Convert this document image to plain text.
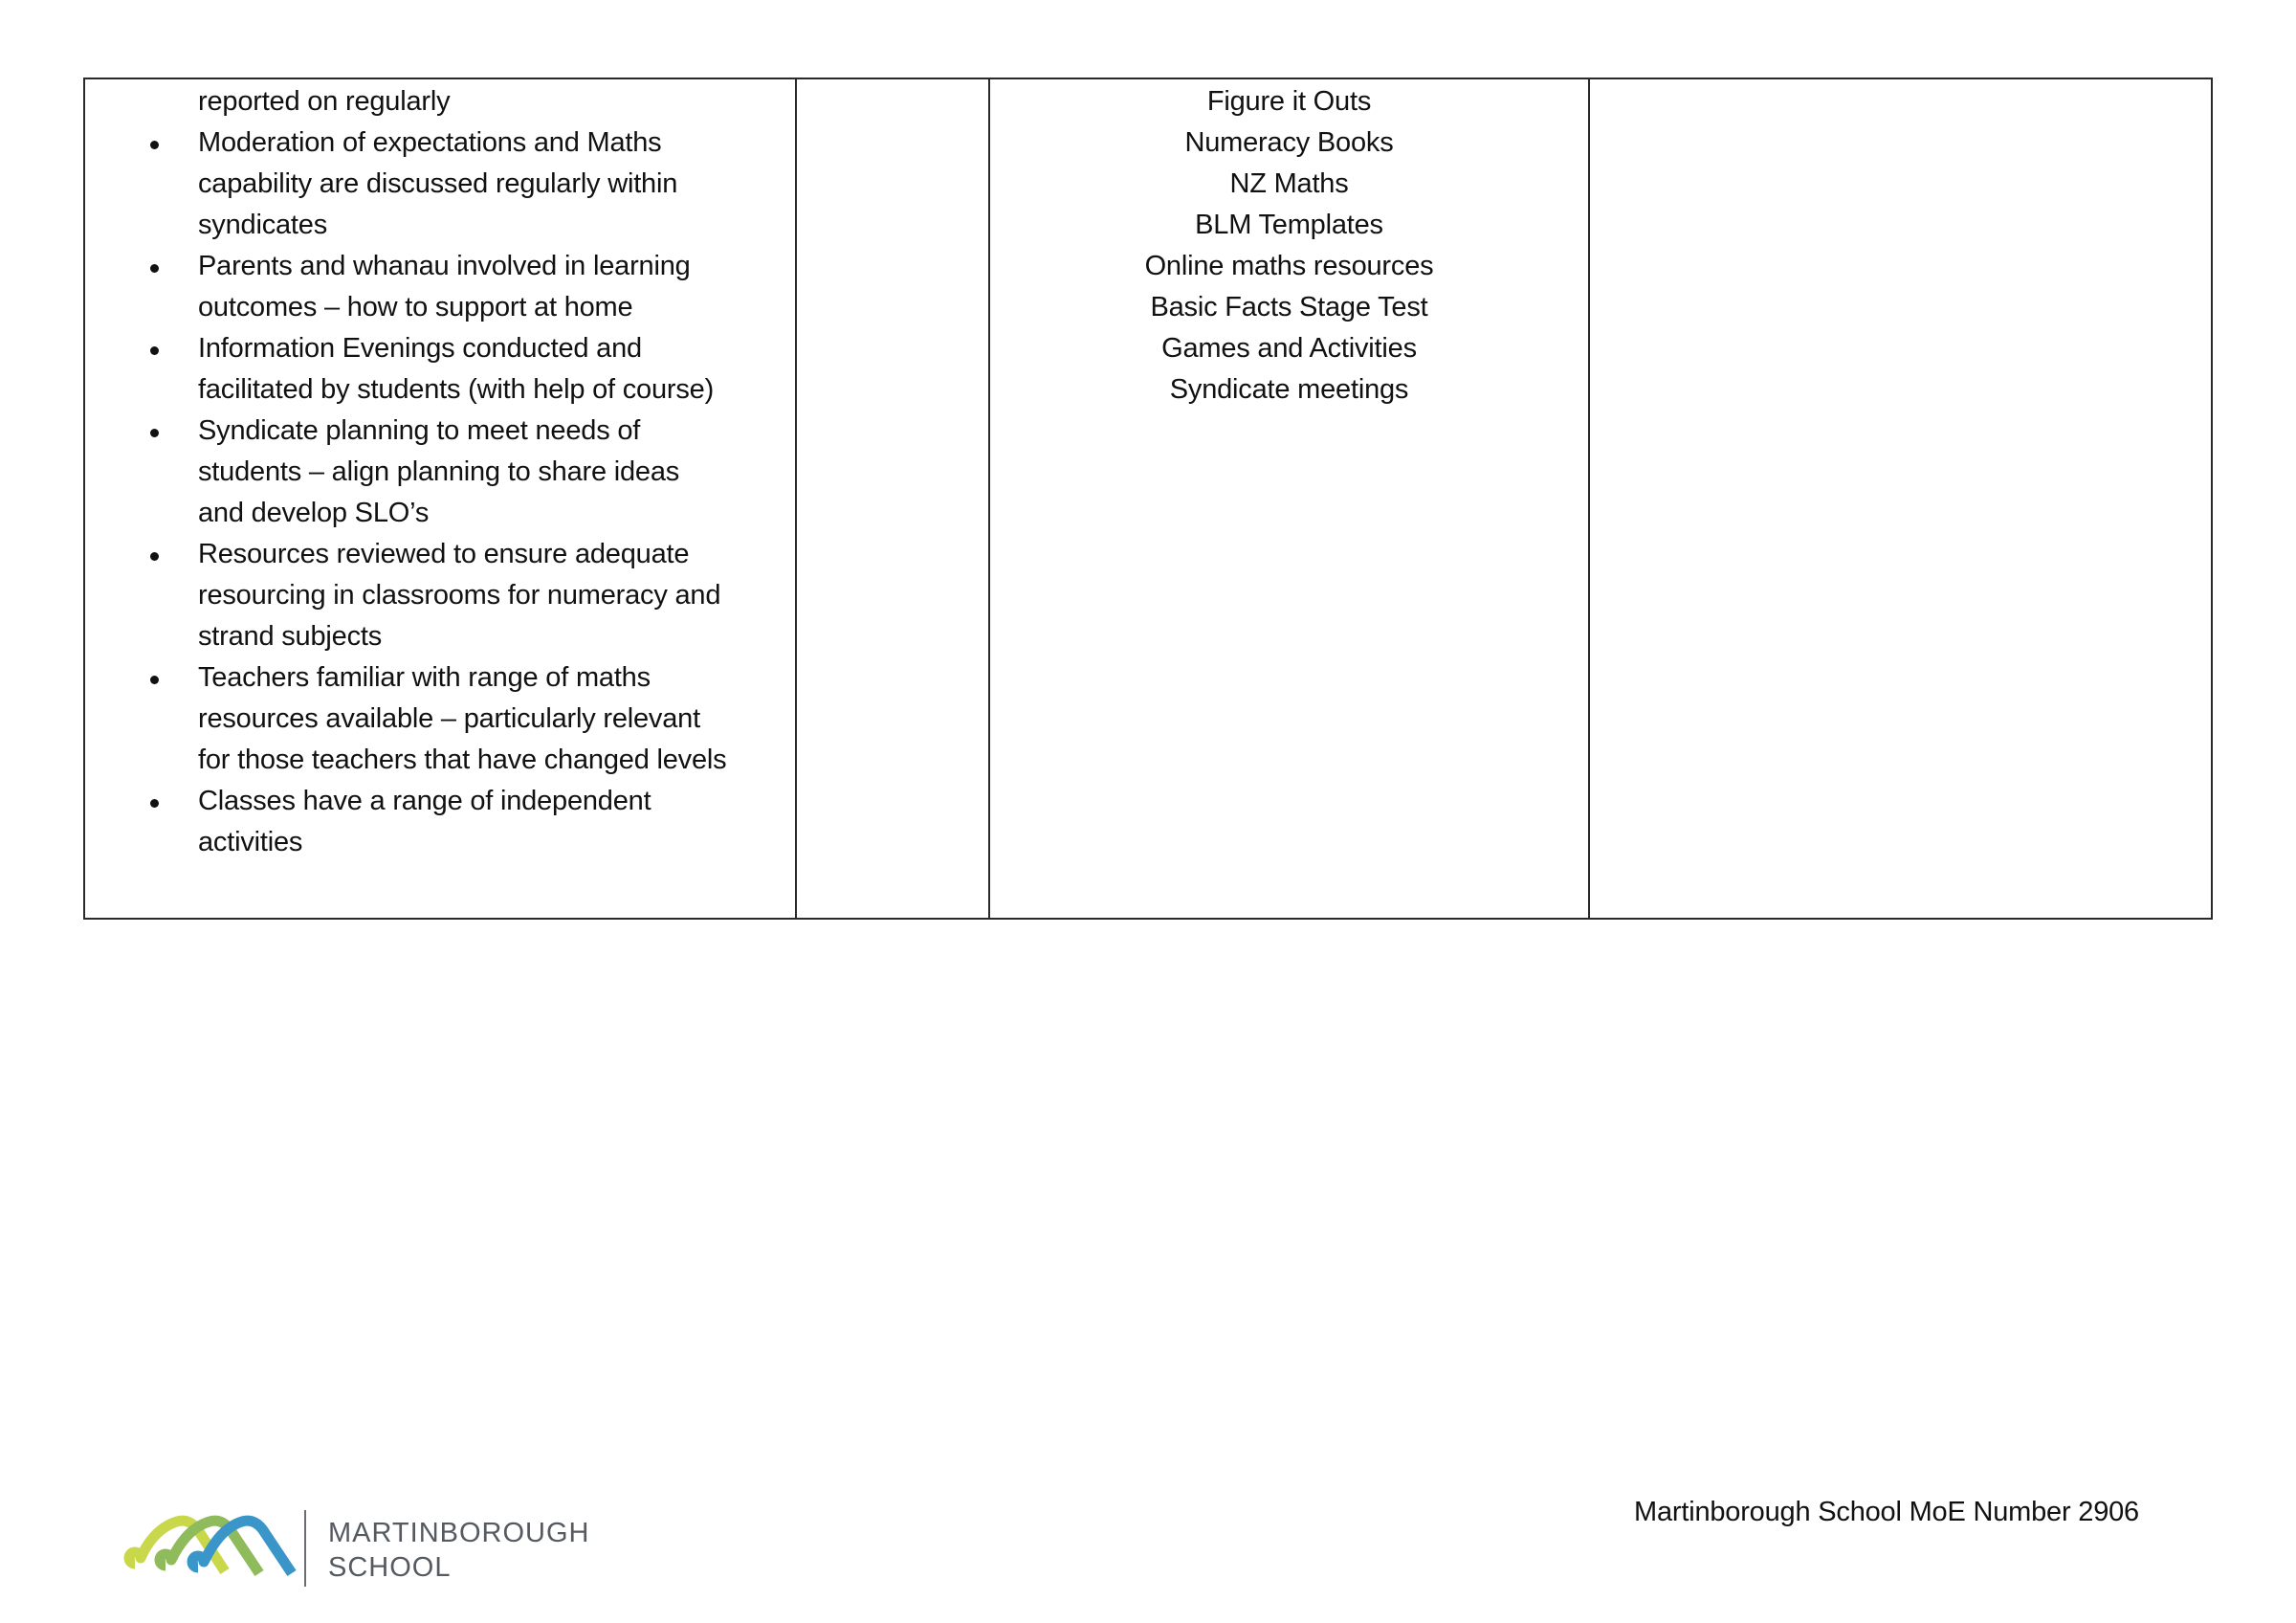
reported on regularly
Moderation of expectations and Maths
capability are discussed regularly within
syndicates
Parents and whanau involved in learning
outcomes – how to support at home
Information Evenings conducted and
facilitated by students (with help of course)
Syndicate planning to meet needs of
students – align planning to share ideas
and develop SLO’s
Resources reviewed to ensure adequate
resourcing in classrooms for numeracy and
strand subjects
Teachers familiar with range of maths
resources available – particularly relevant
for those teachers that have changed levels
Classes have a range of independent
activities
Figure it Outs
Numeracy Books
NZ Maths
BLM Templates
Online maths resources
Basic Facts Stage Test
Games and Activities
Syndicate meetings
MARTINBOROUGH
SCHOOL
Martinborough School MoE Number 2906
